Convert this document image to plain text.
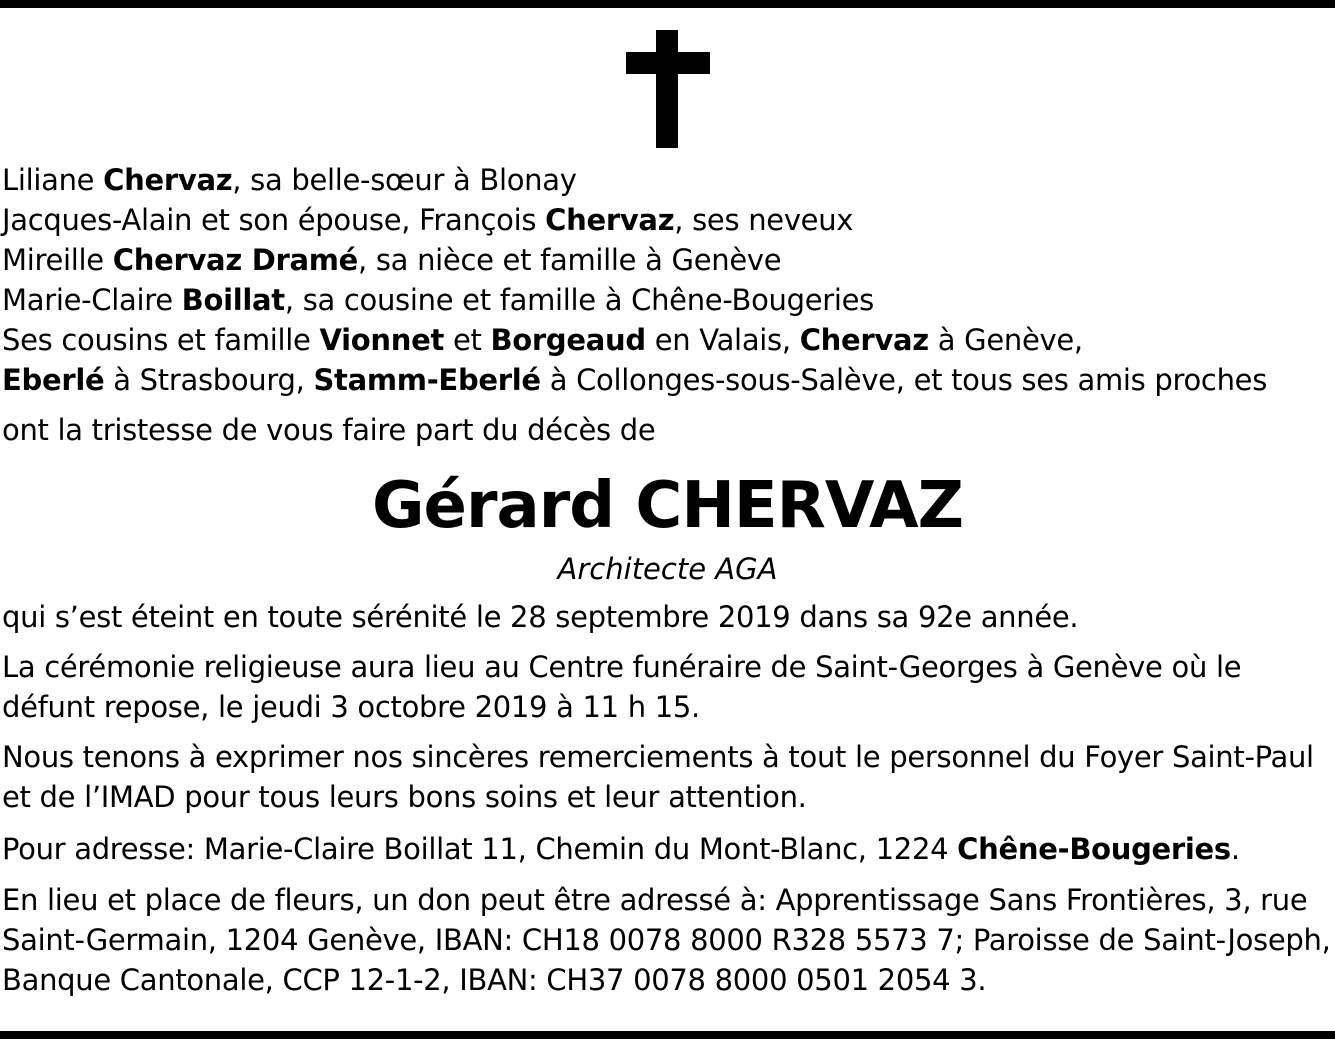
Liliane Chervaz, sa belle-sœur à Blonay
Jacques-Alain et son épouse, François Chervaz, ses neveux
Mireille Chervaz Dramé, sa nièce et famille à Genève
Marie-Claire Boillat, sa cousine et famille à Chêne-Bougeries
Ses cousins et famille Vionnet et Borgeaud en Valais, Chervaz à Genève,
Eberlé à Strasbourg, Stamm-Eberlé à Collonges-sous-Salève, et tous ses amis proches
ont la tristesse de vous faire part du décès de
Gérard CHERVAZ
Architecte AGA
qui s’est éteint en toute sérénité le 28 septembre 2019 dans sa 92e année.
La cérémonie religieuse aura lieu au Centre funéraire de Saint-Georges à Genève où le défunt repose, le jeudi 3 octobre 2019 à 11 h 15.
Nous tenons à exprimer nos sincères remerciements à tout le personnel du Foyer Saint-Paul et de l’IMAD pour tous leurs bons soins et leur attention.
Pour adresse: Marie-Claire Boillat 11, Chemin du Mont-Blanc, 1224 Chêne-Bougeries.
En lieu et place de fleurs, un don peut être adressé à: Apprentissage Sans Frontières, 3, rue Saint-Germain, 1204 Genève, IBAN: CH18 0078 8000 R328 5573 7; Paroisse de Saint-Joseph, Banque Cantonale, CCP 12-1-2, IBAN: CH37 0078 8000 0501 2054 3.
